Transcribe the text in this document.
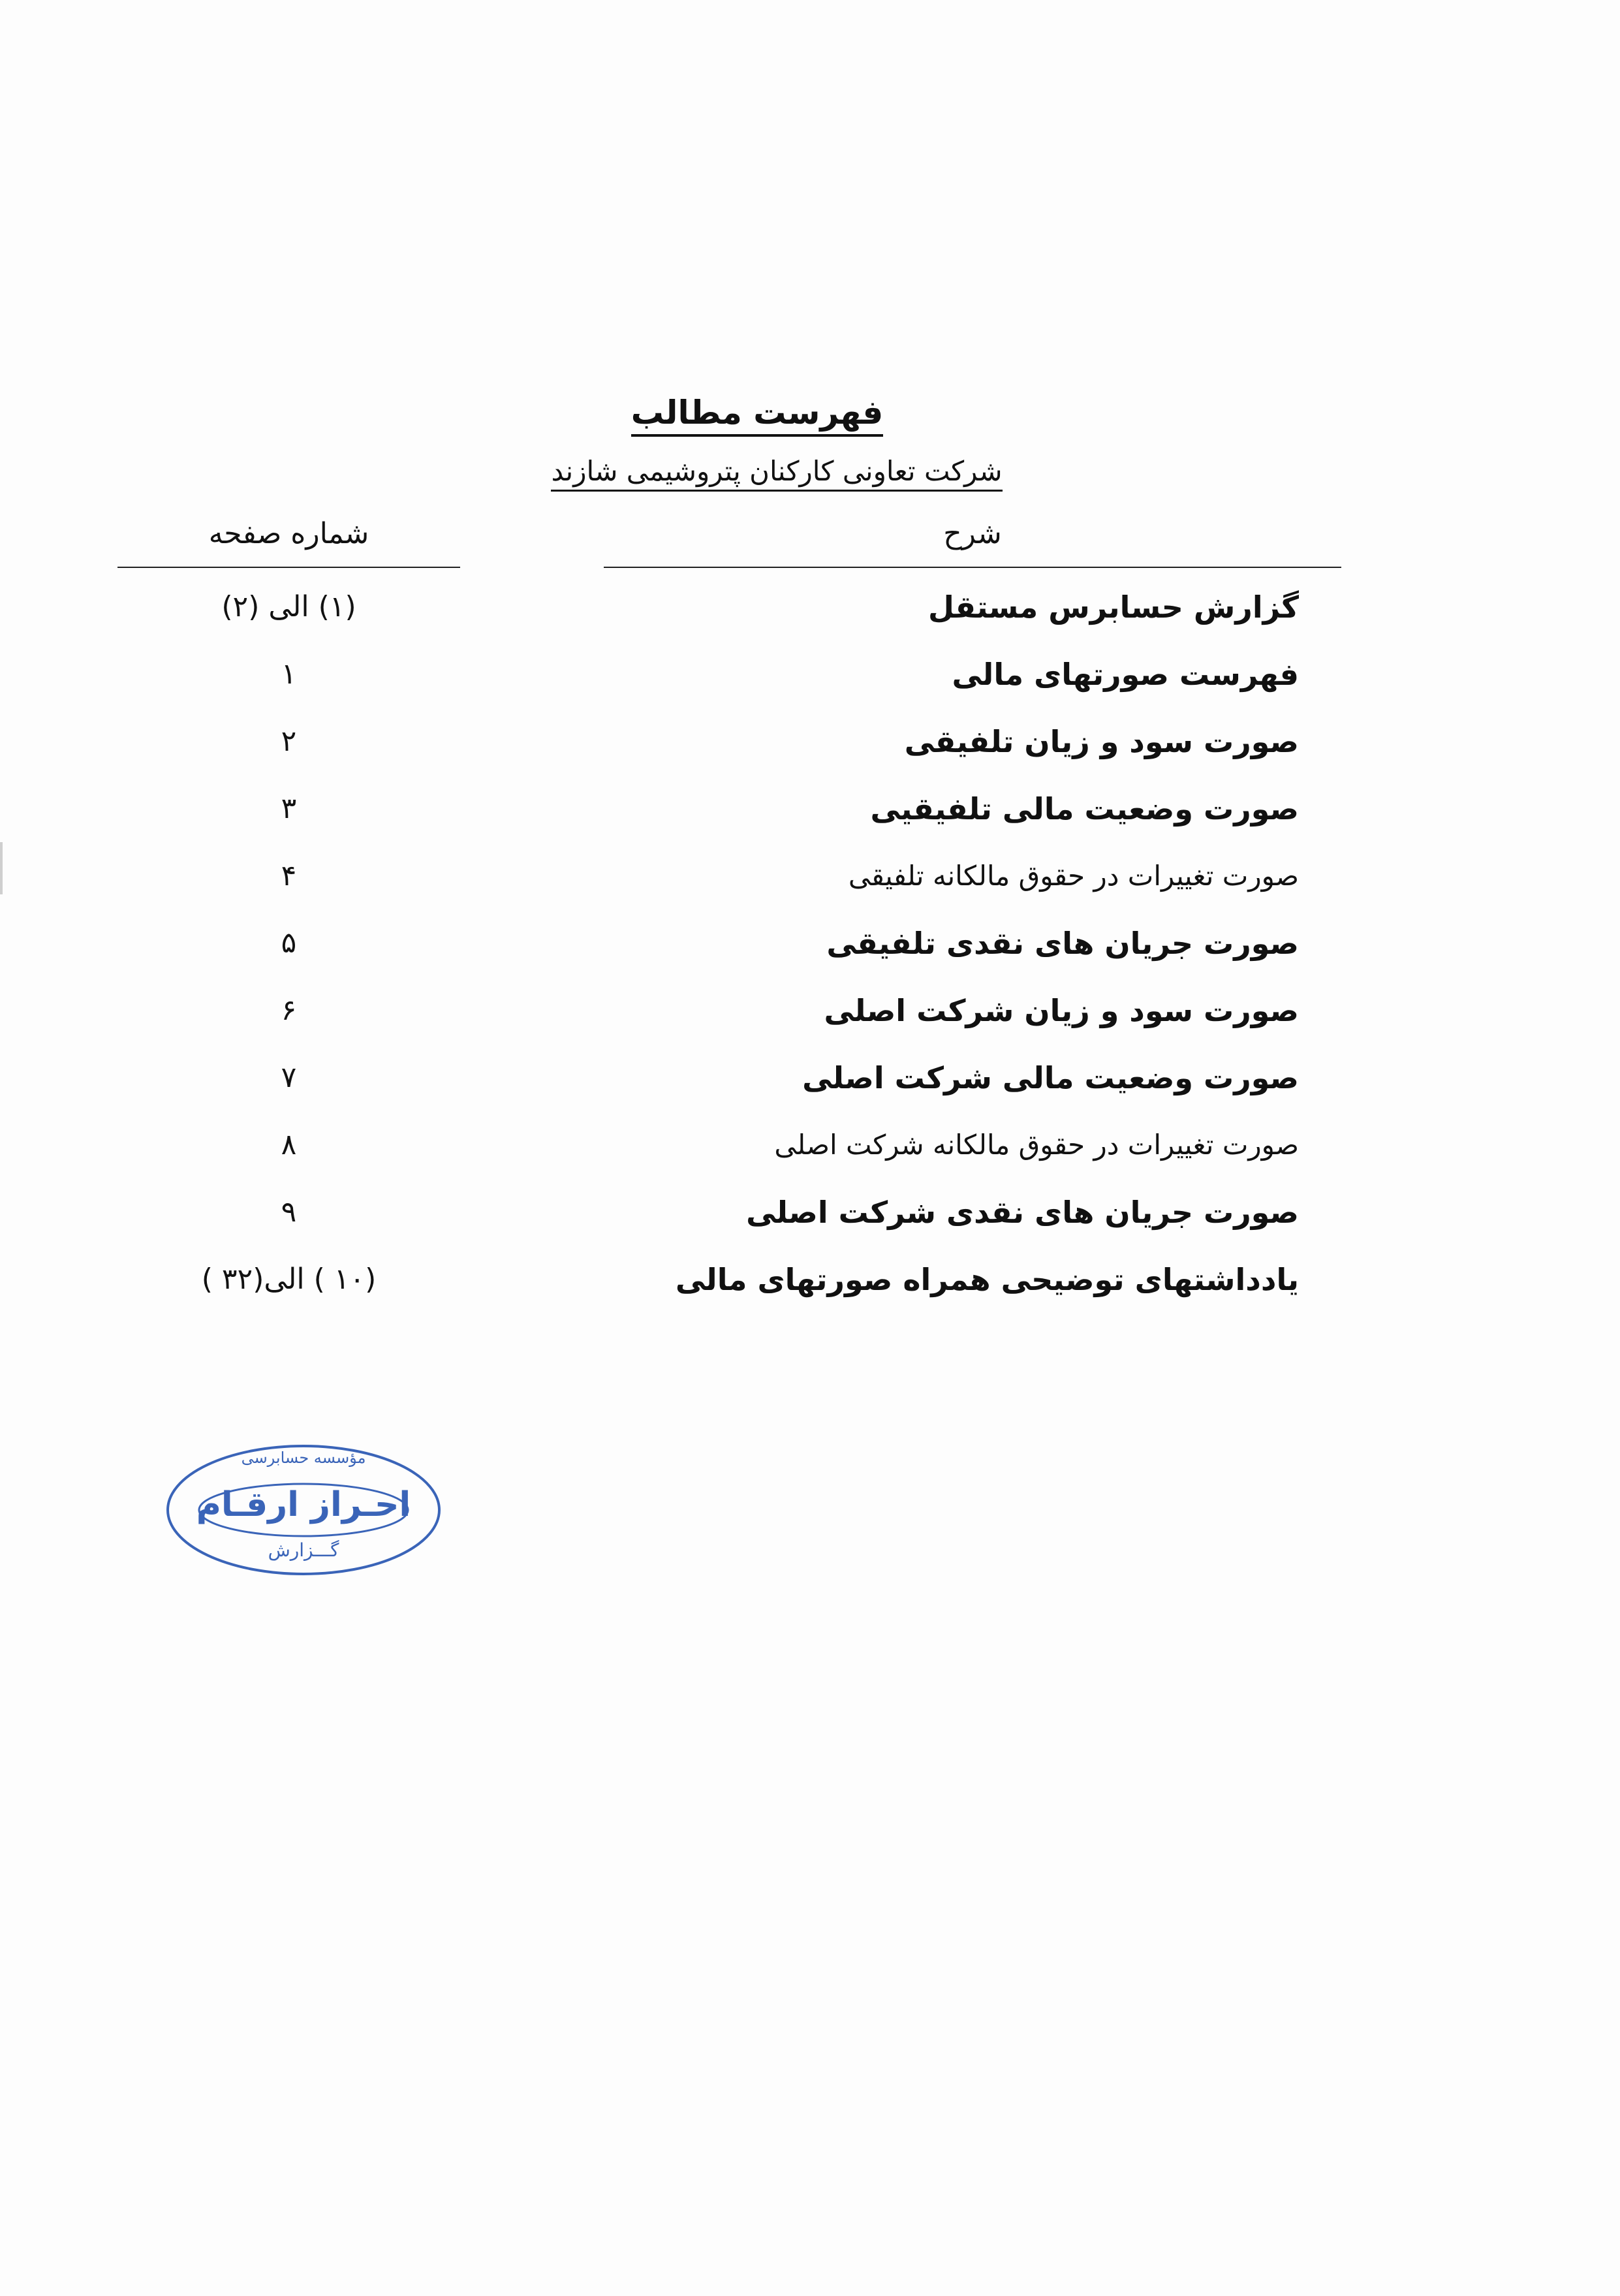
فهرست مطالب
شرکت تعاونی کارکنان پتروشیمی شازند
شرح
شماره صفحه
گزارش حسابرس مستقل
(۱) الی (۲)
فهرست صورتهای مالی
۱
صورت سود و زیان تلفیقی
۲
صورت وضعیت مالی تلفیقیی
۳
صورت تغییرات در حقوق مالکانه تلفیقی
۴
صورت جریان های نقدی تلفیقی
۵
صورت سود و زیان شرکت اصلی
۶
صورت وضعیت مالی شرکت اصلی
۷
صورت تغییرات در حقوق مالکانه شرکت اصلی
۸
صورت جریان های نقدی شرکت اصلی
۹
یادداشتهای توضیحی همراه صورتهای مالی
(۱۰ ) الی(۳۲ )
مؤسسه حسابرسی
احـراز ارقـام
گـــزارش
